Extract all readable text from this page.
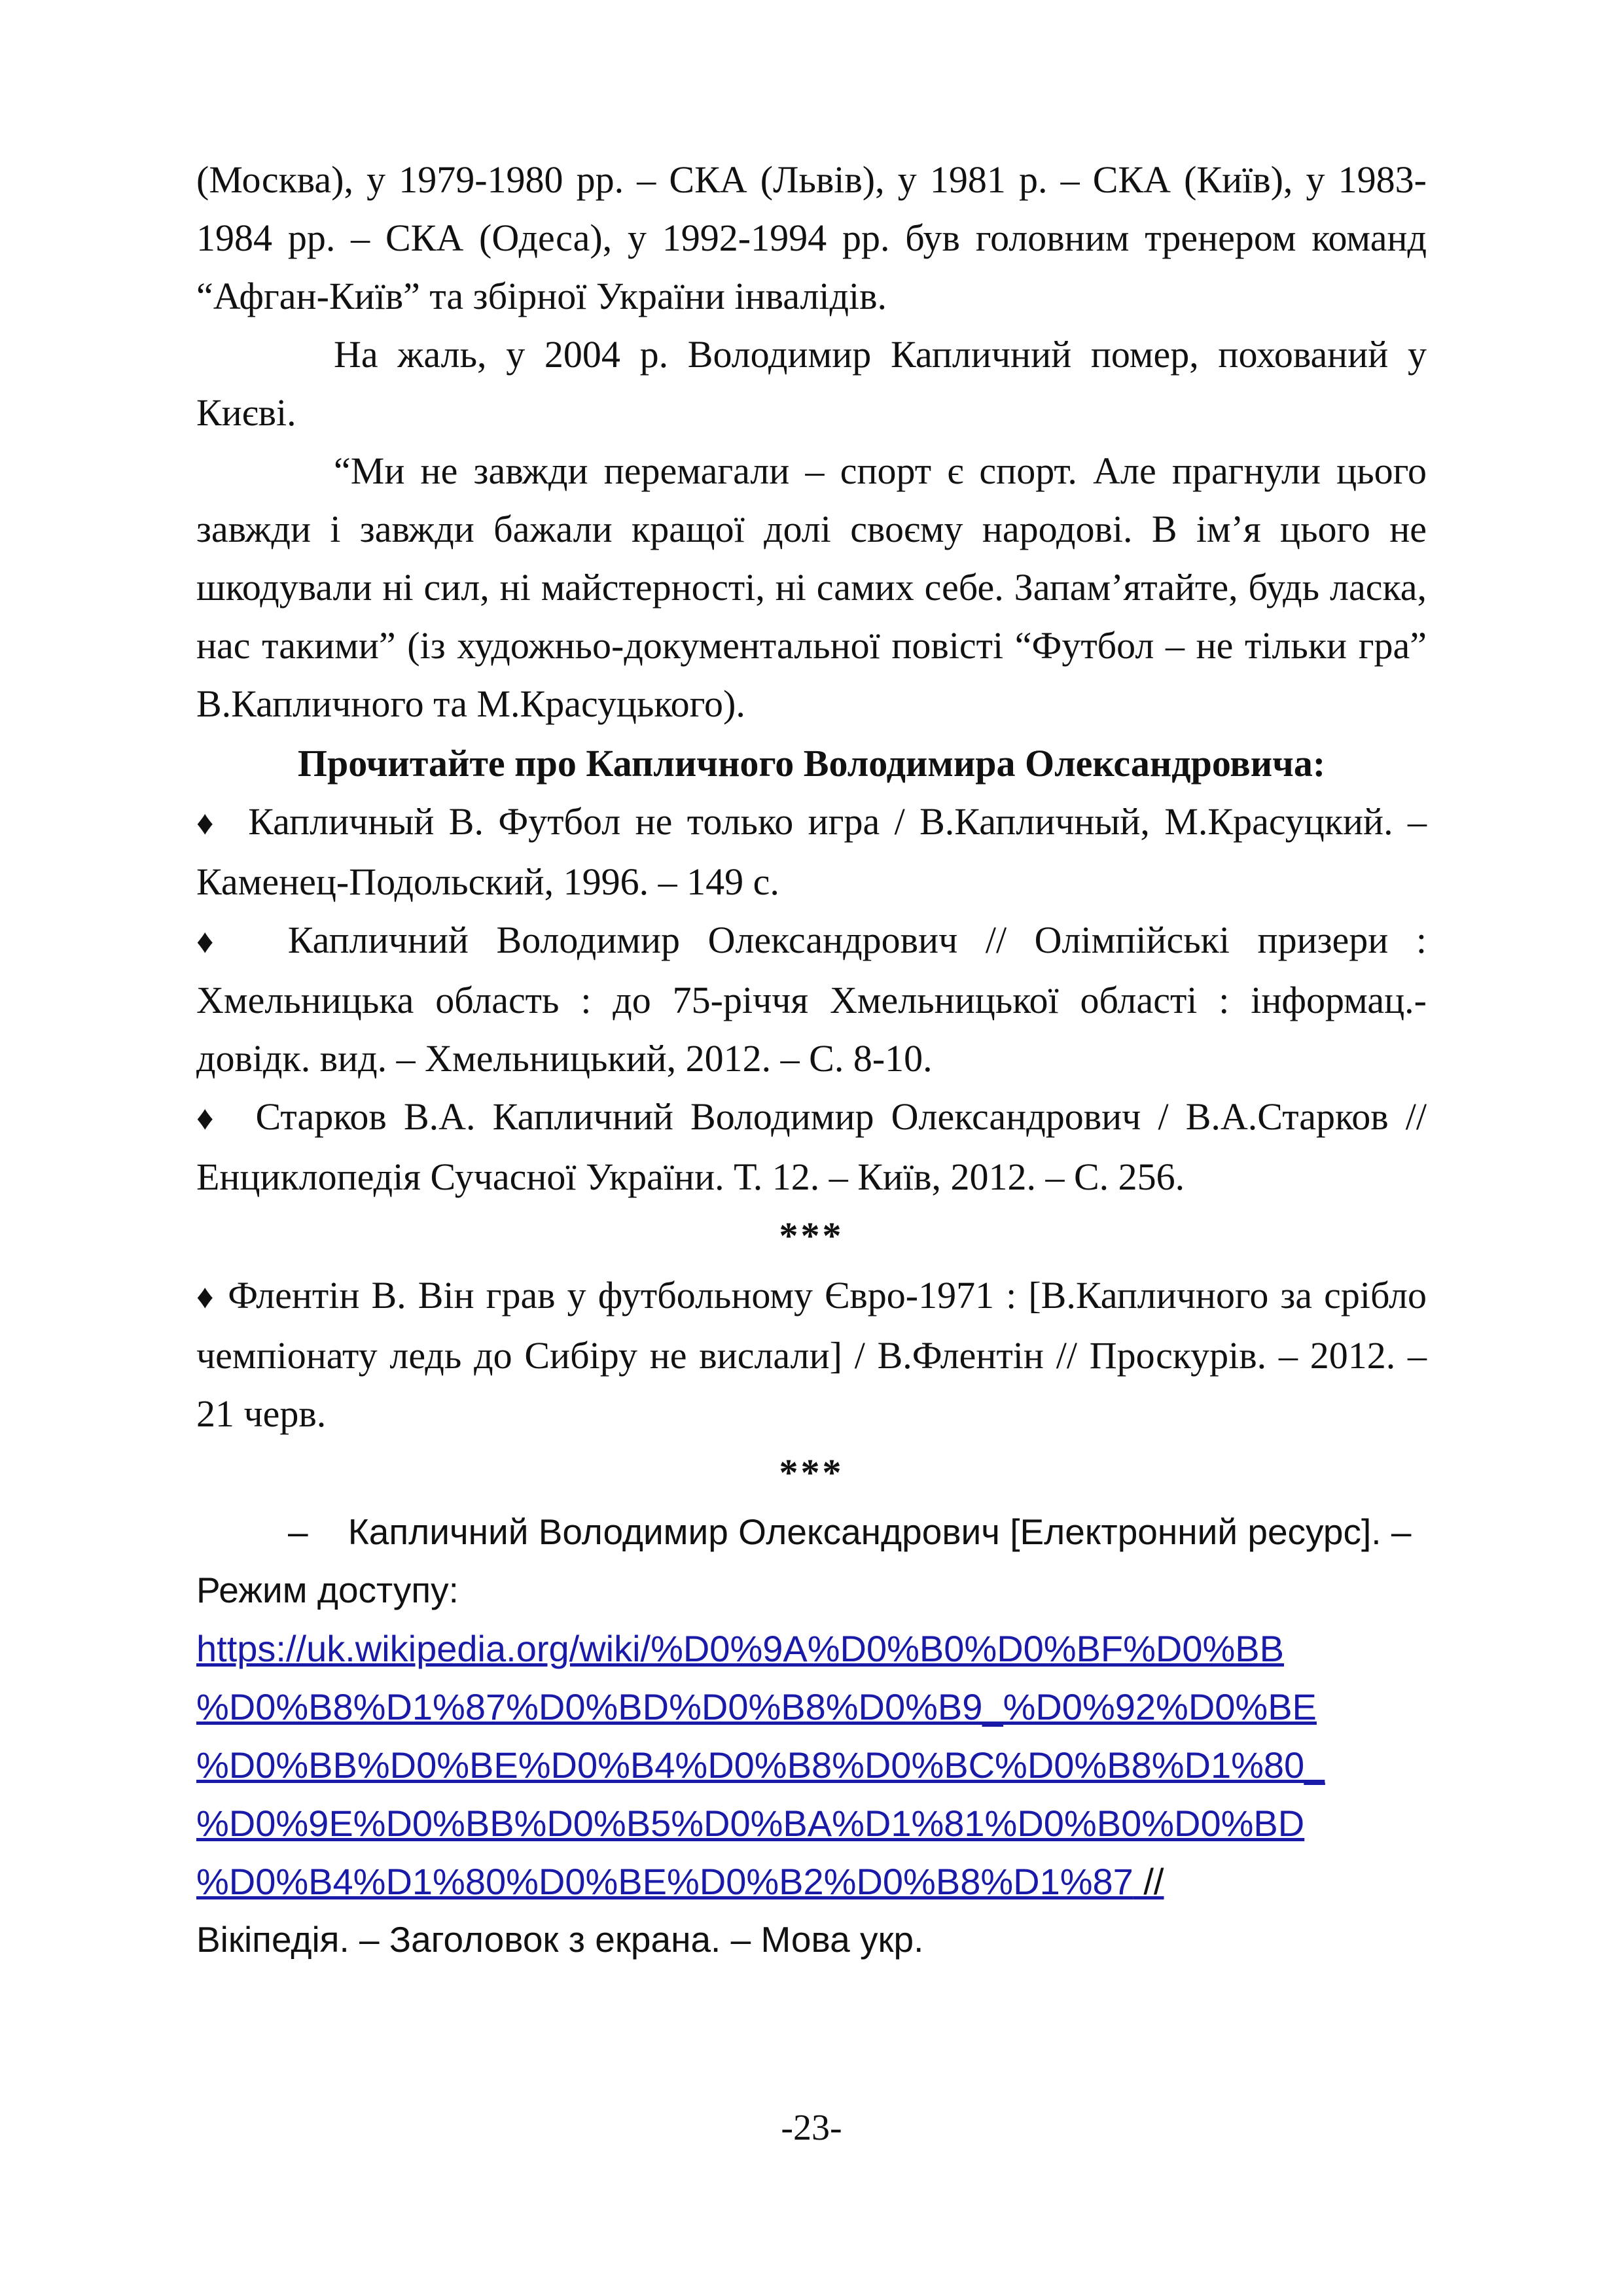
(Москва), у 1979-1980 рр. – СКА (Львів), у 1981 р. – СКА (Київ), у 1983-1984 рр. – СКА (Одеса), у 1992-1994 рр. був головним тренером команд “Афган-Київ” та збірної України інвалідів.

На жаль, у 2004 р. Володимир Капличний помер, похований у Києві.

“Ми не завжди перемагали – спорт є спорт. Але прагнули цього завжди і завжди бажали кращої долі своєму народові. В ім’я цього не шкодували ні сил, ні майстерності, ні самих себе. Запам’ятайте, будь ласка, нас такими” (із художньо-документальної повісті “Футбол – не тільки гра” В.Капличного та М.Красуцького).

Прочитайте про Капличного Володимира Олександровича:

♦ Капличный В. Футбол не только игра / В.Капличный, М.Красуцкий. – Каменец-Подольский, 1996. – 149 с.

♦ Капличний Володимир Олександрович // Олімпійські призери : Хмельницька область : до 75-річчя Хмельницької області : інформац.-довідк. вид. – Хмельницький, 2012. – С. 8-10.

♦ Старков В.А. Капличний Володимир Олександрович / В.А.Старков // Енциклопедія Сучасної України. Т. 12. – Київ, 2012. – С. 256.

***

♦ Флентін В. Він грав у футбольному Євро-1971 : [В.Капличного за срібло чемпіонату ледь до Сибіру не вислали] / В.Флентін // Проскурів. – 2012. – 21 черв.

***

– Капличний Володимир Олександрович [Електронний ресурс]. – Режим доступу:

https://uk.wikipedia.org/wiki/%D0%9A%D0%B0%D0%BF%D0%BB
%D0%B8%D1%87%D0%BD%D0%B8%D0%B9_%D0%92%D0%BE
%D0%BB%D0%BE%D0%B4%D0%B8%D0%BC%D0%B8%D1%80_
%D0%9E%D0%BB%D0%B5%D0%BA%D1%81%D0%B0%D0%BD
%D0%B4%D1%80%D0%BE%D0%B2%D0%B8%D1%87 //

Вікіпедія. – Заголовок з екрана. – Мова укр.

-23-
